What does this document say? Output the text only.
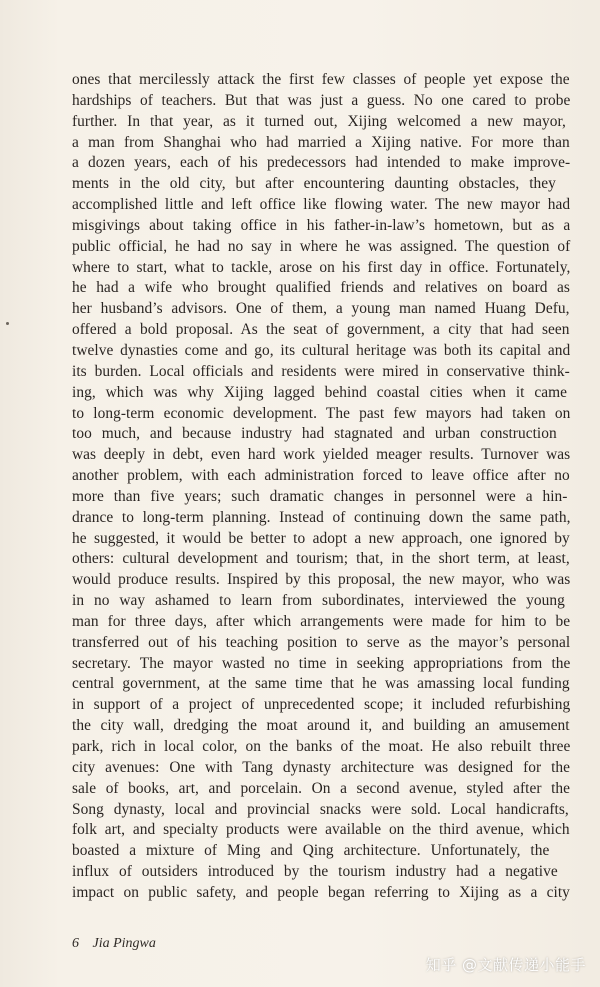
ones that mercilessly attack the first few classes of people yet expose the
hardships of teachers. But that was just a guess. No one cared to probe
further. In that year, as it turned out, Xijing welcomed a new mayor,
a man from Shanghai who had married a Xijing native. For more than
a dozen years, each of his predecessors had intended to make improve-
ments in the old city, but after encountering daunting obstacles, they
accomplished little and left office like flowing water. The new mayor had
misgivings about taking office in his father-in-law’s hometown, but as a
public official, he had no say in where he was assigned. The question of
where to start, what to tackle, arose on his first day in office. Fortunately,
he had a wife who brought qualified friends and relatives on board as
her husband’s advisors. One of them, a young man named Huang Defu,
offered a bold proposal. As the seat of government, a city that had seen
twelve dynasties come and go, its cultural heritage was both its capital and
its burden. Local officials and residents were mired in conservative think-
ing, which was why Xijing lagged behind coastal cities when it came
to long-term economic development. The past few mayors had taken on
too much, and because industry had stagnated and urban construction
was deeply in debt, even hard work yielded meager results. Turnover was
another problem, with each administration forced to leave office after no
more than five years; such dramatic changes in personnel were a hin-
drance to long-term planning. Instead of continuing down the same path,
he suggested, it would be better to adopt a new approach, one ignored by
others: cultural development and tourism; that, in the short term, at least,
would produce results. Inspired by this proposal, the new mayor, who was
in no way ashamed to learn from subordinates, interviewed the young
man for three days, after which arrangements were made for him to be
transferred out of his teaching position to serve as the mayor’s personal
secretary. The mayor wasted no time in seeking appropriations from the
central government, at the same time that he was amassing local funding
in support of a project of unprecedented scope; it included refurbishing
the city wall, dredging the moat around it, and building an amusement
park, rich in local color, on the banks of the moat. He also rebuilt three
city avenues: One with Tang dynasty architecture was designed for the
sale of books, art, and porcelain. On a second avenue, styled after the
Song dynasty, local and provincial snacks were sold. Local handicrafts,
folk art, and specialty products were available on the third avenue, which
boasted a mixture of Ming and Qing architecture. Unfortunately, the
influx of outsiders introduced by the tourism industry had a negative
impact on public safety, and people began referring to Xijing as a city
6 Jia Pingwa
知乎 @文献传递小能手
